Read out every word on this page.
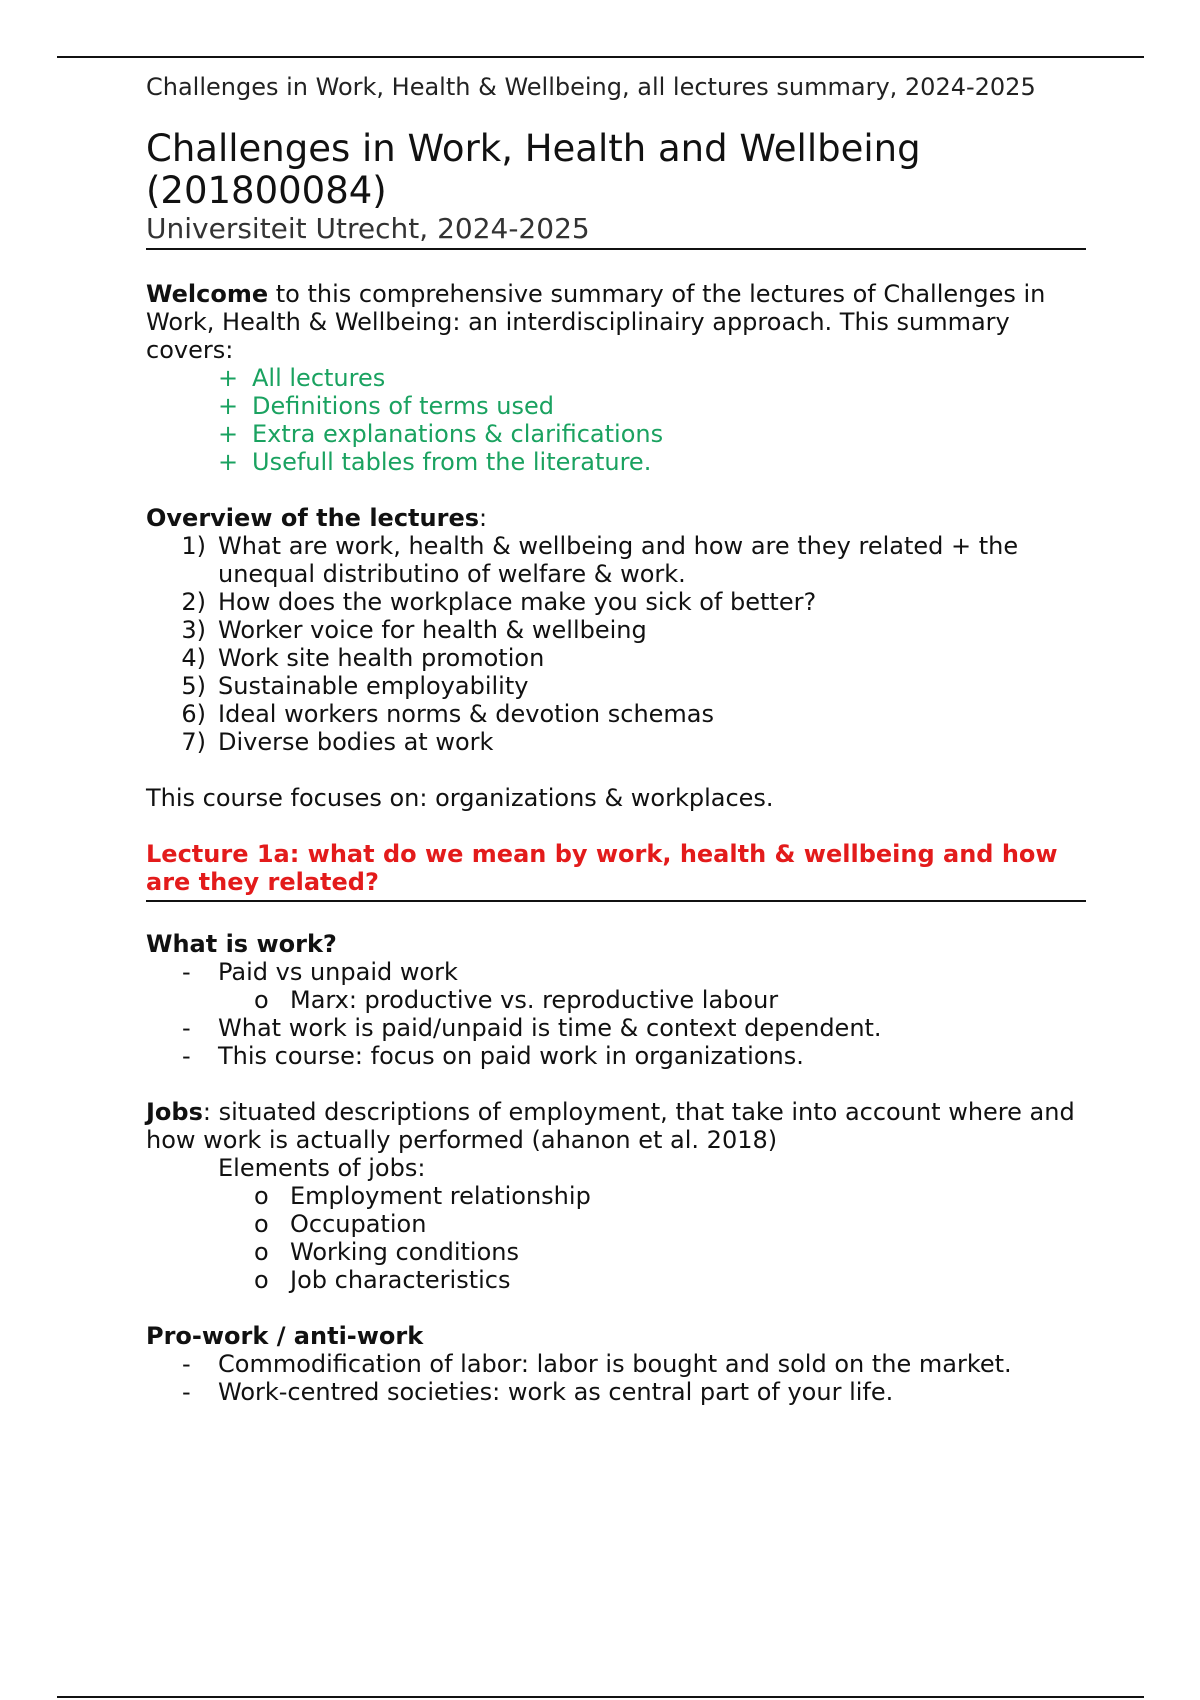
Challenges in Work, Health & Wellbeing, all lectures summary, 2024-2025

Challenges in Work, Health and Wellbeing
(201800084)

Universiteit Utrecht, 2024-2025

Welcome to this comprehensive summary of the lectures of Challenges in Work, Health & Wellbeing: an interdisciplinairy approach. This summary covers:

+ All lectures
+ Definitions of terms used
+ Extra explanations & clarifications
+ Usefull tables from the literature.

Overview of the lectures:

1) What are work, health & wellbeing and how are they related + the unequal distributino of welfare & work.
2) How does the workplace make you sick of better?
3) Worker voice for health & wellbeing
4) Work site health promotion
5) Sustainable employability
6) Ideal workers norms & devotion schemas
7) Diverse bodies at work

This course focuses on: organizations & workplaces.

Lecture 1a: what do we mean by work, health & wellbeing and how are they related?

What is work?

-	Paid vs unpaid work
o Marx: productive vs. reproductive labour
-	What work is paid/unpaid is time & context dependent.
-	This course: focus on paid work in organizations.

Jobs: situated descriptions of employment, that take into account where and how work is actually performed (ahanon et al. 2018)

Elements of jobs:

o Employment relationship
o Occupation
o Working conditions
o Job characteristics

Pro-work / anti-work

-	Commodification of labor: labor is bought and sold on the market.
-	Work-centred societies: work as central part of your life.
